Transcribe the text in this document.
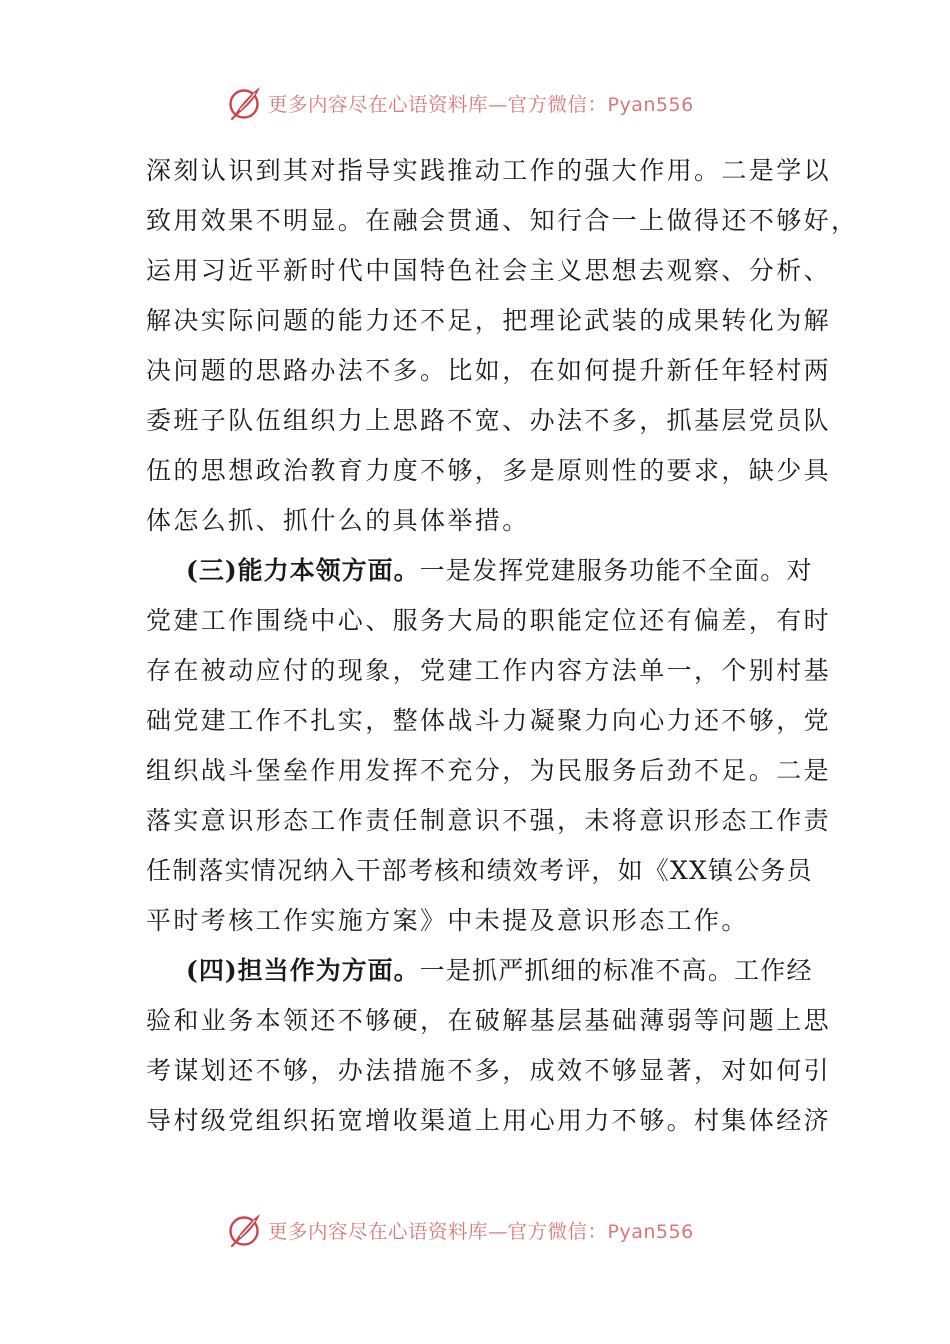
更多内容尽在心语资料库—官方微信：Pyan556
深刻认识到其对指导实践推动工作的强大作用。二是学以
致用效果不明显。在融会贯通、知行合一上做得还不够好，
运用习近平新时代中国特色社会主义思想去观察、分析、
解决实际问题的能力还不足，把理论武装的成果转化为解
决问题的思路办法不多。比如，在如何提升新任年轻村两
委班子队伍组织力上思路不宽、办法不多，抓基层党员队
伍的思想政治教育力度不够，多是原则性的要求，缺少具
体怎么抓、抓什么的具体举措。
(三)能力本领方面。一是发挥党建服务功能不全面。对
党建工作围绕中心、服务大局的职能定位还有偏差，有时
存在被动应付的现象，党建工作内容方法单一，个别村基
础党建工作不扎实，整体战斗力凝聚力向心力还不够，党
组织战斗堡垒作用发挥不充分，为民服务后劲不足。二是
落实意识形态工作责任制意识不强，未将意识形态工作责
任制落实情况纳入干部考核和绩效考评，如《XX镇公务员
平时考核工作实施方案》中未提及意识形态工作。
(四)担当作为方面。一是抓严抓细的标准不高。工作经
验和业务本领还不够硬，在破解基层基础薄弱等问题上思
考谋划还不够，办法措施不多，成效不够显著，对如何引
导村级党组织拓宽增收渠道上用心用力不够。村集体经济
更多内容尽在心语资料库—官方微信：Pyan556
